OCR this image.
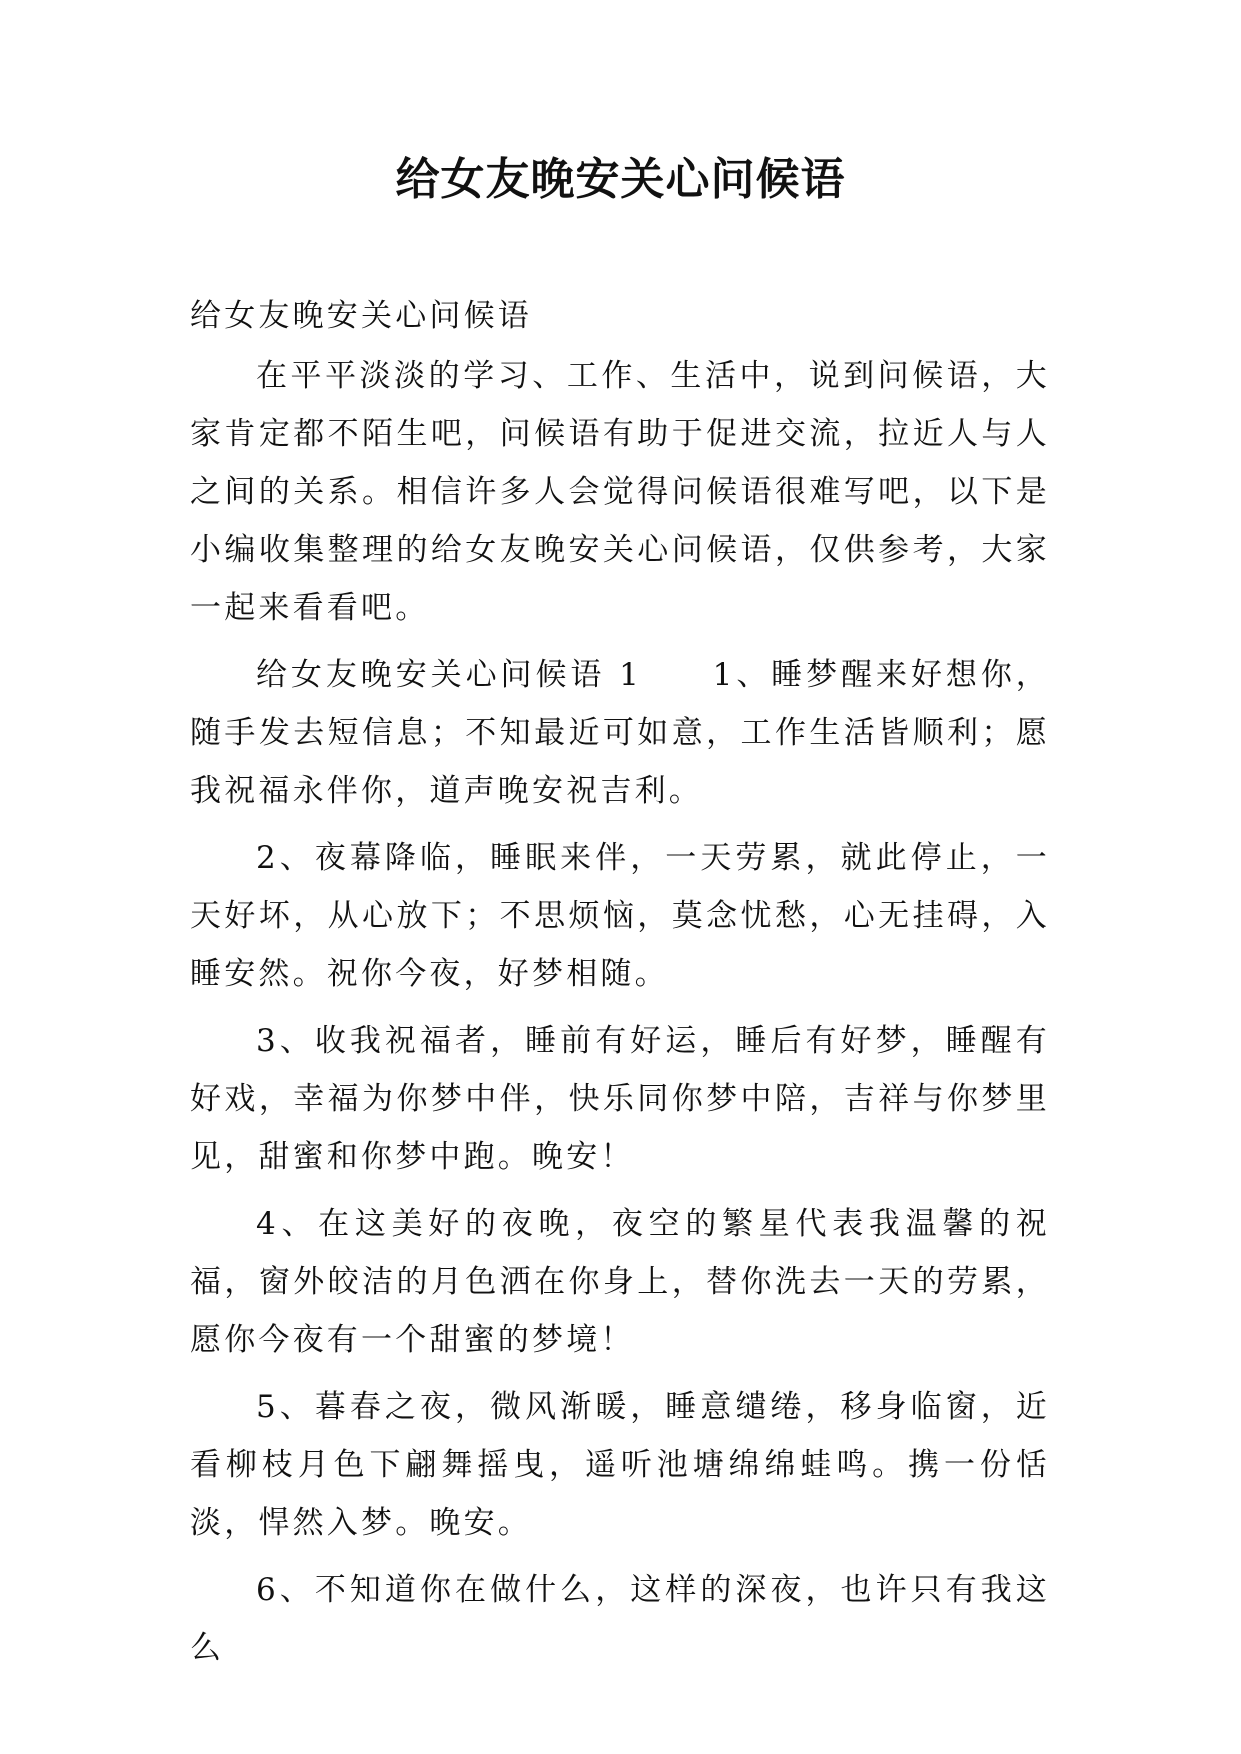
给女友晚安关心问候语

给女友晚安关心问候语

在平平淡淡的学习、工作、生活中，说到问候语，大家肯定都不陌生吧，问候语有助于促进交流，拉近人与人之间的关系。相信许多人会觉得问候语很难写吧，以下是小编收集整理的给女友晚安关心问候语，仅供参考，大家一起来看看吧。

给女友晚安关心问候语 1　　1、睡梦醒来好想你，随手发去短信息；不知最近可如意，工作生活皆顺利；愿我祝福永伴你，道声晚安祝吉利。

2、夜幕降临，睡眠来伴，一天劳累，就此停止，一天好坏，从心放下；不思烦恼，莫念忧愁，心无挂碍，入睡安然。祝你今夜，好梦相随。

3、收我祝福者，睡前有好运，睡后有好梦，睡醒有好戏，幸福为你梦中伴，快乐同你梦中陪，吉祥与你梦里见，甜蜜和你梦中跑。晚安！

4、在这美好的夜晚，夜空的繁星代表我温馨的祝福，窗外皎洁的月色洒在你身上，替你洗去一天的劳累，愿你今夜有一个甜蜜的梦境！

5、暮春之夜，微风渐暖，睡意缱绻，移身临窗，近看柳枝月色下翩舞摇曳，遥听池塘绵绵蛙鸣。携一份恬淡，悍然入梦。晚安。

6、不知道你在做什么，这样的深夜，也许只有我这么
